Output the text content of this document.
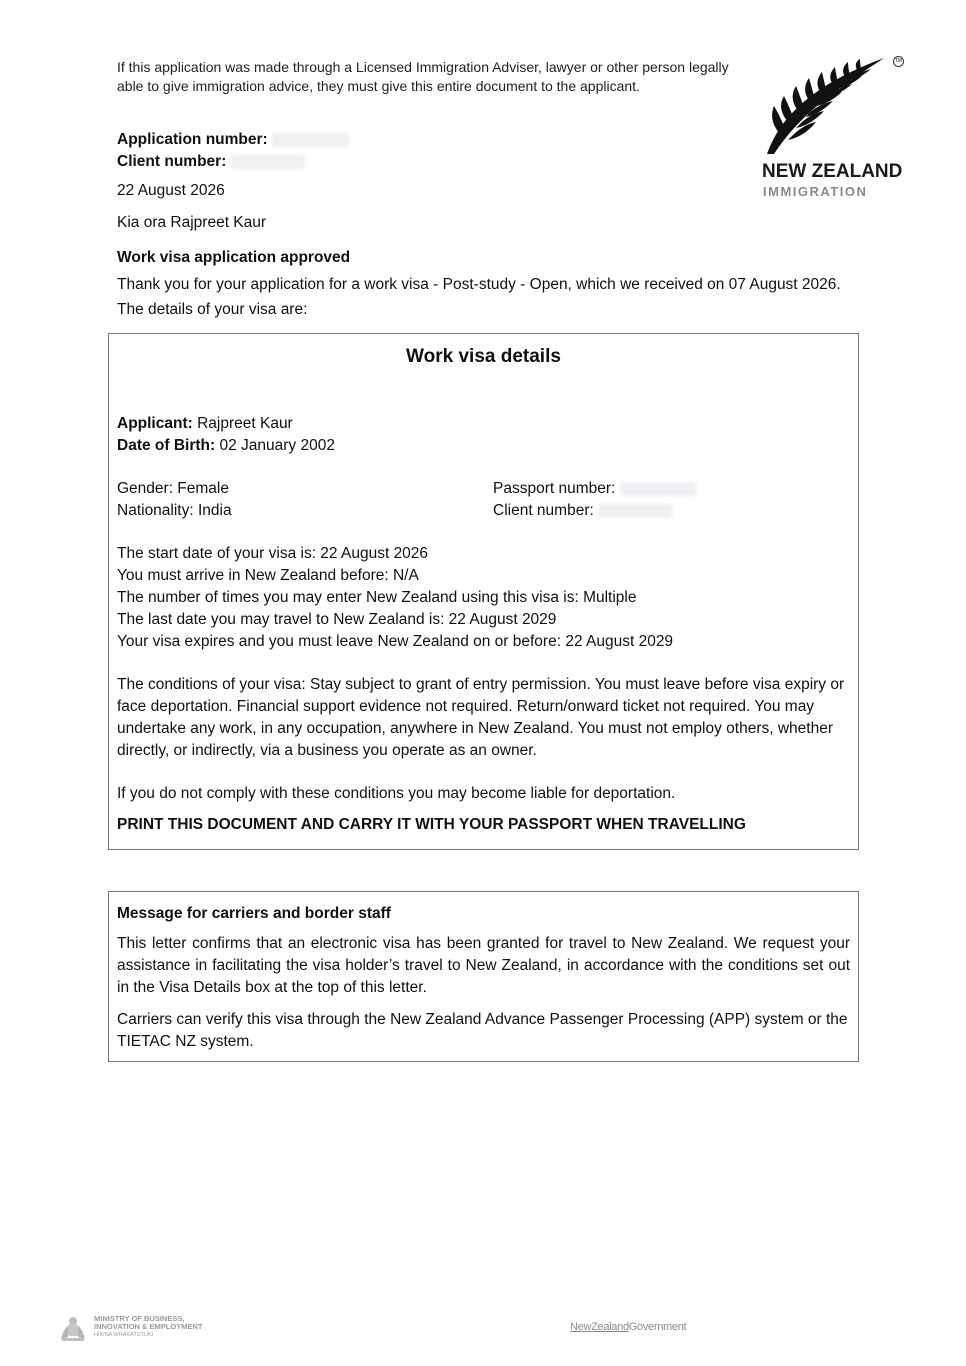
If this application was made through a Licensed Immigration Adviser, lawyer or other person legally able to give immigration advice, they must give this entire document to the applicant.
TM
NEW ZEALAND
IMMIGRATION
Application number:
Client number:
22 August 2026
Kia ora Rajpreet Kaur
Work visa application approved
Thank you for your application for a work visa - Post-study - Open, which we received on 07 August 2026. The details of your visa are:
Work visa details
Applicant: Rajpreet Kaur
Date of Birth: 02 January 2002
Gender: Female
Nationality: India
Passport number:
Client number:
The start date of your visa is: 22 August 2026
You must arrive in New Zealand before: N/A
The number of times you may enter New Zealand using this visa is: Multiple
The last date you may travel to New Zealand is: 22 August 2029
Your visa expires and you must leave New Zealand on or before: 22 August 2029
The conditions of your visa: Stay subject to grant of entry permission. You must leave before visa expiry or face deportation. Financial support evidence not required. Return/onward ticket not required. You may undertake any work, in any occupation, anywhere in New Zealand. You must not employ others, whether directly, or indirectly, via a business you operate as an owner.
If you do not comply with these conditions you may become liable for deportation.
PRINT THIS DOCUMENT AND CARRY IT WITH YOUR PASSPORT WHEN TRAVELLING
Message for carriers and border staff
This letter confirms that an electronic visa has been granted for travel to New Zealand. We request your assistance in facilitating the visa holder’s travel to New Zealand, in accordance with the conditions set out in the Visa Details box at the top of this letter.
Carriers can verify this visa through the New Zealand Advance Passenger Processing (APP) system or the TIETAC NZ system.
MINISTRY OF BUSINESS,
INNOVATION & EMPLOYMENT
HĪKINA WHAKATUTUKI
NewZealandGovernment
